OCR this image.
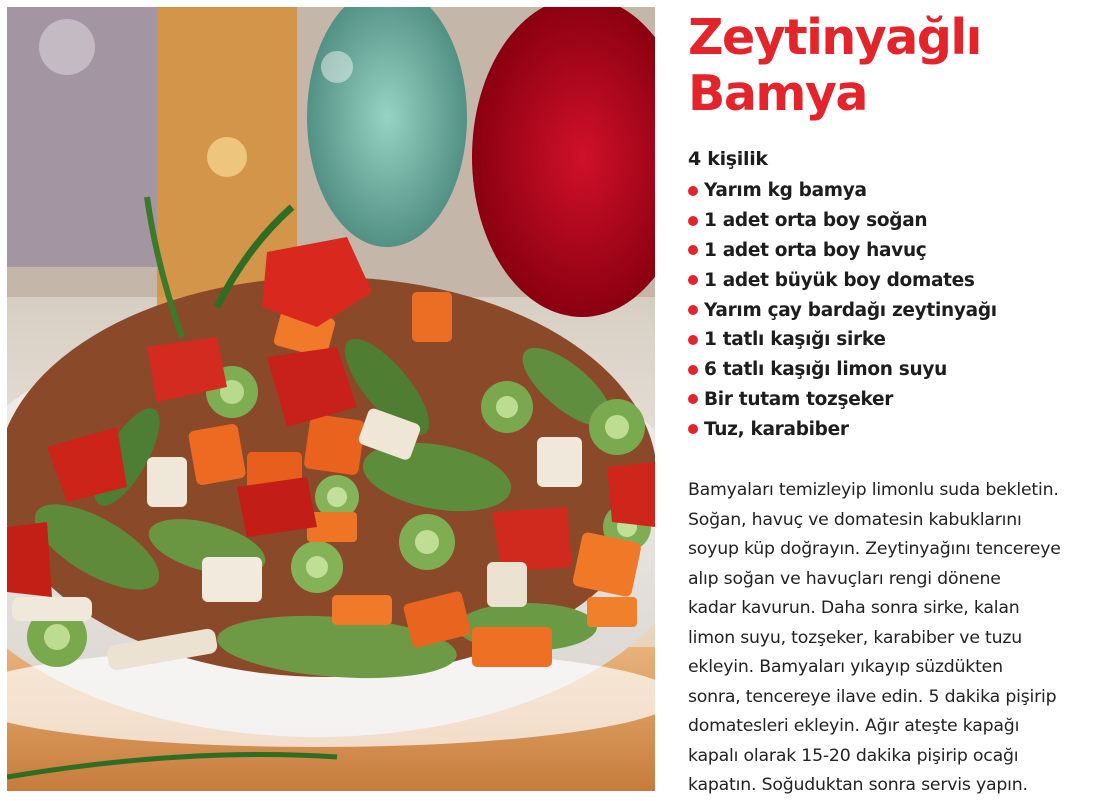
Zeytinyağlı
Bamya
4 kişilik
Yarım kg bamya
1 adet orta boy soğan
1 adet orta boy havuç
1 adet büyük boy domates
Yarım çay bardağı zeytinyağı
1 tatlı kaşığı sirke
6 tatlı kaşığı limon suyu
Bir tutam tozşeker
Tuz, karabiber

Bamyaları temizleyip limonlu suda bekletin.
Soğan, havuç ve domatesin kabuklarını
soyup küp doğrayın. Zeytinyağını tencereye
alıp soğan ve havuçları rengi dönene
kadar kavurun. Daha sonra sirke, kalan
limon suyu, tozşeker, karabiber ve tuzu
ekleyin. Bamyaları yıkayıp süzdükten
sonra, tencereye ilave edin. 5 dakika pişirip
domatesleri ekleyin. Ağır ateşte kapağı
kapalı olarak 15-20 dakika pişirip ocağı
kapatın. Soğuduktan sonra servis yapın.
